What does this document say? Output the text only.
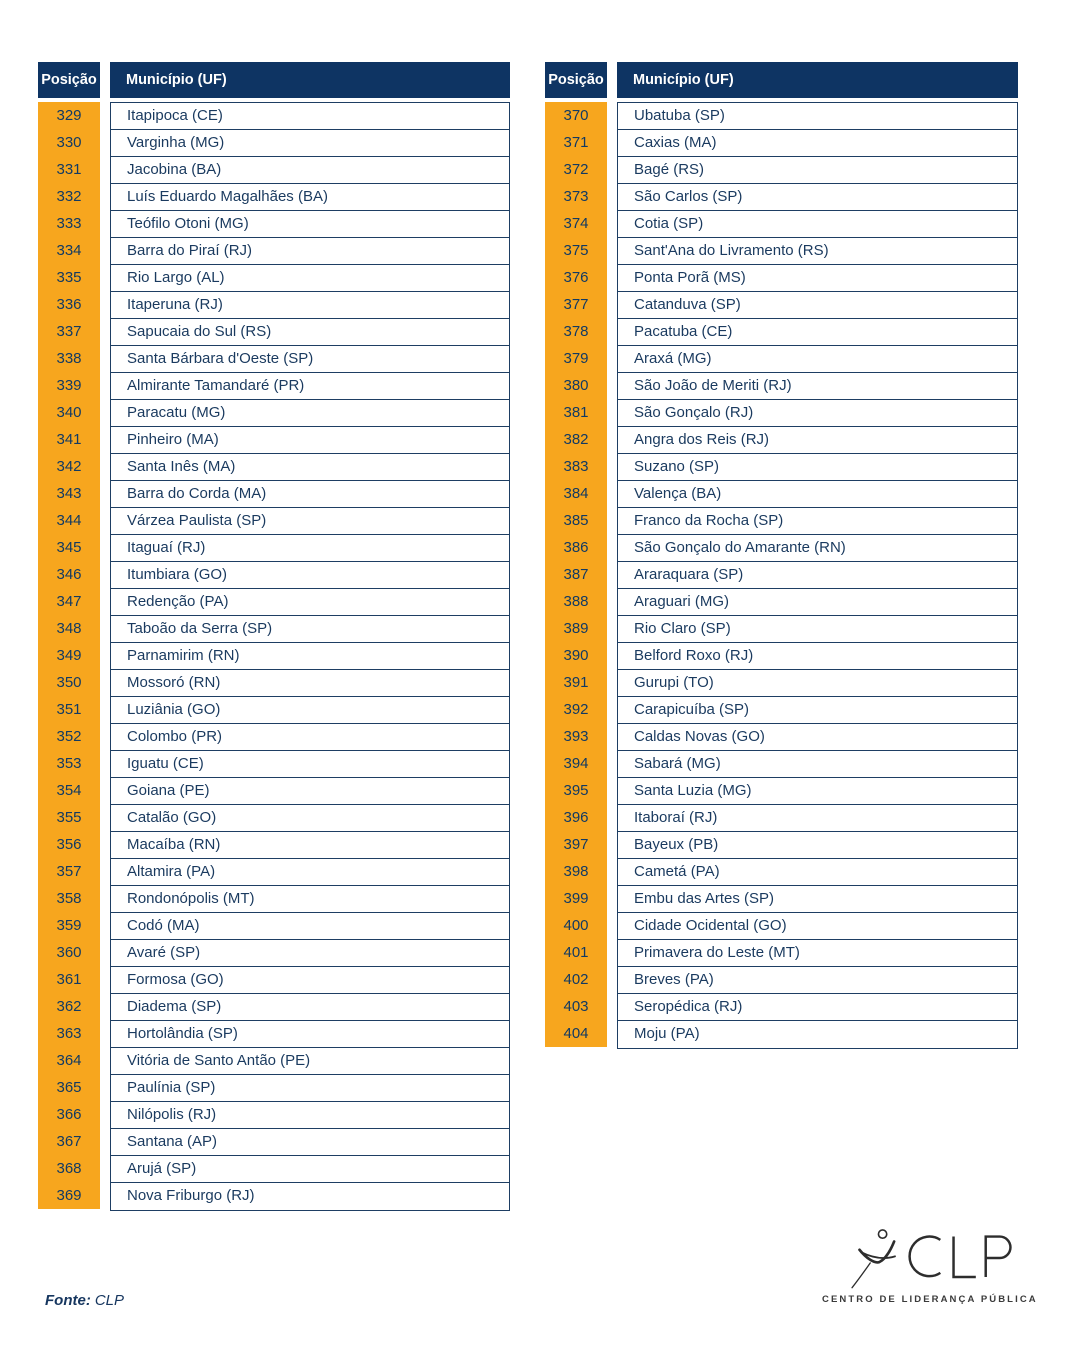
Posição
329
330
331
332
333
334
335
336
337
338
339
340
341
342
343
344
345
346
347
348
349
350
351
352
353
354
355
356
357
358
359
360
361
362
363
364
365
366
367
368
369
Município (UF)
Itapipoca (CE)
Varginha (MG)
Jacobina (BA)
Luís Eduardo Magalhães (BA)
Teófilo Otoni (MG)
Barra do Piraí (RJ)
Rio Largo (AL)
Itaperuna (RJ)
Sapucaia do Sul (RS)
Santa Bárbara d'Oeste (SP)
Almirante Tamandaré (PR)
Paracatu (MG)
Pinheiro (MA)
Santa Inês (MA)
Barra do Corda (MA)
Várzea Paulista (SP)
Itaguaí (RJ)
Itumbiara (GO)
Redenção (PA)
Taboão da Serra (SP)
Parnamirim (RN)
Mossoró (RN)
Luziânia (GO)
Colombo (PR)
Iguatu (CE)
Goiana (PE)
Catalão (GO)
Macaíba (RN)
Altamira (PA)
Rondonópolis (MT)
Codó (MA)
Avaré (SP)
Formosa (GO)
Diadema (SP)
Hortolândia (SP)
Vitória de Santo Antão (PE)
Paulínia (SP)
Nilópolis (RJ)
Santana (AP)
Arujá (SP)
Nova Friburgo (RJ)
Posição
370
371
372
373
374
375
376
377
378
379
380
381
382
383
384
385
386
387
388
389
390
391
392
393
394
395
396
397
398
399
400
401
402
403
404
Município (UF)
Ubatuba (SP)
Caxias (MA)
Bagé (RS)
São Carlos (SP)
Cotia (SP)
Sant'Ana do Livramento (RS)
Ponta Porã (MS)
Catanduva (SP)
Pacatuba (CE)
Araxá (MG)
São João de Meriti (RJ)
São Gonçalo (RJ)
Angra dos Reis (RJ)
Suzano (SP)
Valença (BA)
Franco da Rocha (SP)
São Gonçalo do Amarante (RN)
Araraquara (SP)
Araguari (MG)
Rio Claro (SP)
Belford Roxo (RJ)
Gurupi (TO)
Carapicuíba (SP)
Caldas Novas (GO)
Sabará (MG)
Santa Luzia (MG)
Itaboraí (RJ)
Bayeux (PB)
Cametá (PA)
Embu das Artes (SP)
Cidade Ocidental (GO)
Primavera do Leste (MT)
Breves (PA)
Seropédica (RJ)
Moju (PA)
Fonte: CLP	CENTRO DE LIDERANÇA PÚBLICA
